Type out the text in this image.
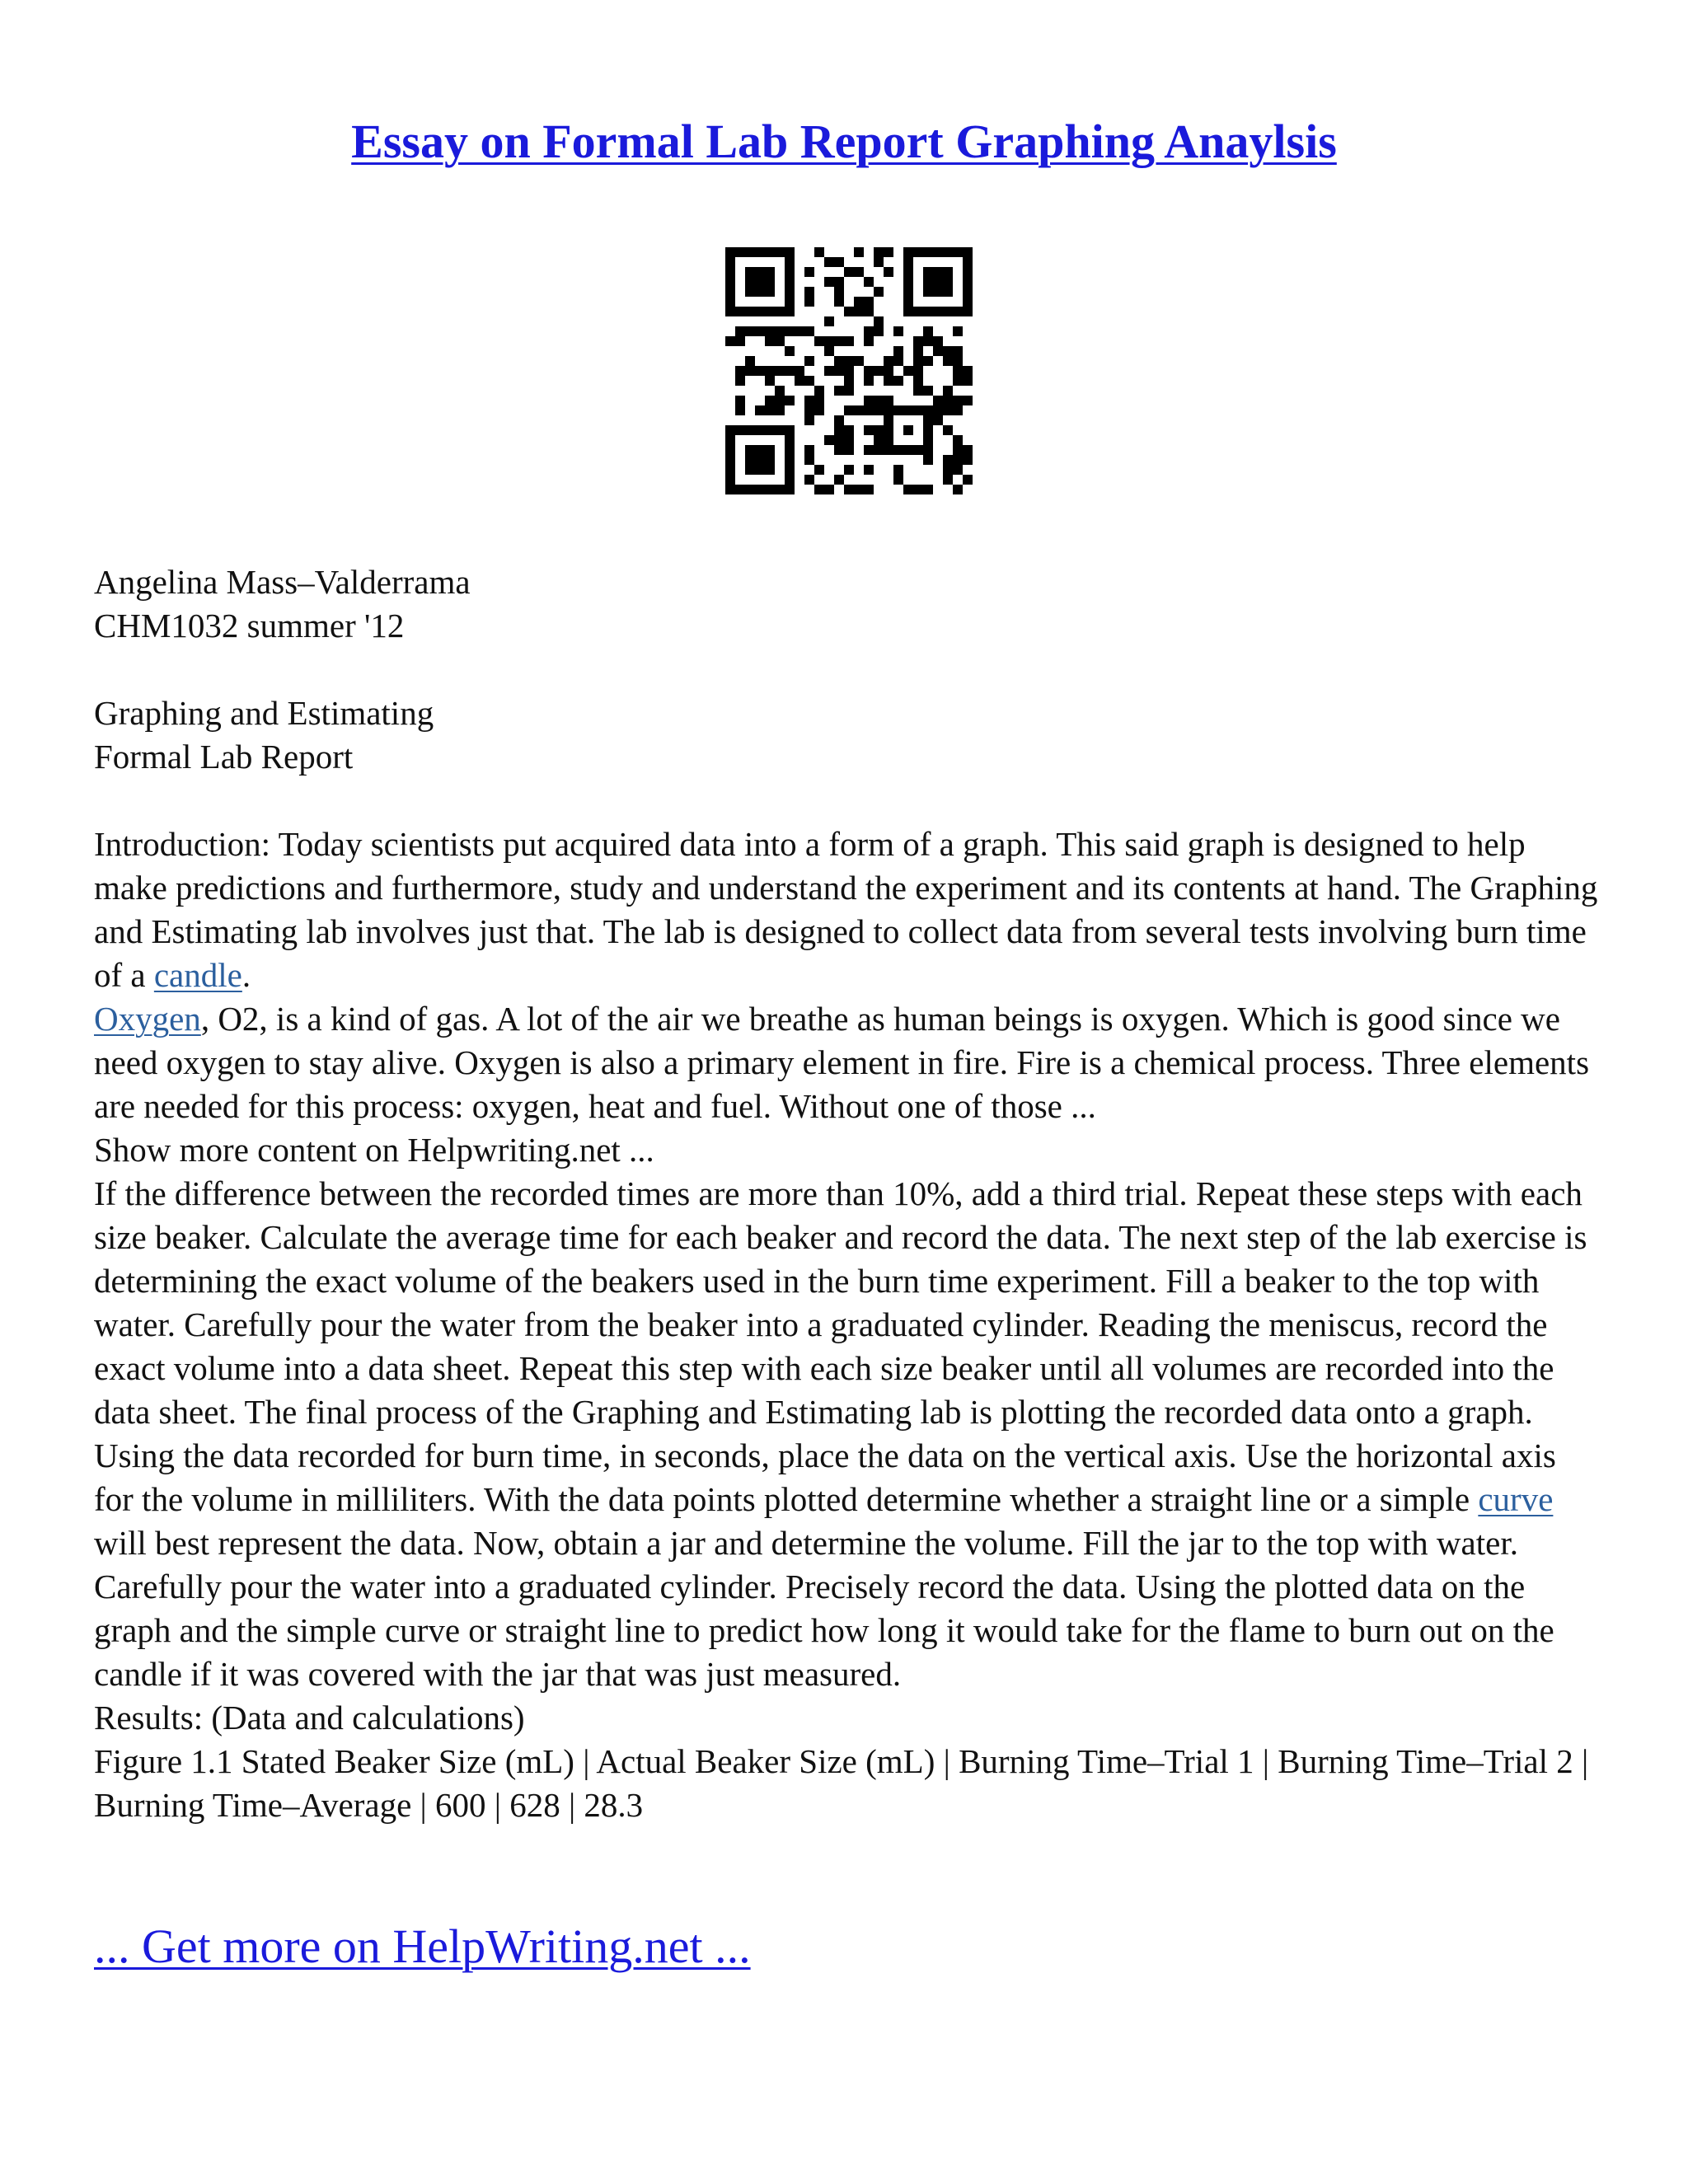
Essay on Formal Lab Report Graphing Anaylsis

Angelina Mass–Valderrama

CHM1032 summer '12

Graphing and Estimating

Formal Lab Report

Introduction: Today scientists put acquired data into a form of a graph. This said graph is designed to help make predictions and furthermore, study and understand the experiment and its contents at hand. The Graphing and Estimating lab involves just that. The lab is designed to collect data from several tests involving burn time of a candle.

Oxygen, O2, is a kind of gas. A lot of the air we breathe as human beings is oxygen. Which is good since we need oxygen to stay alive. Oxygen is also a primary element in fire. Fire is a chemical process. Three elements are needed for this process: oxygen, heat and fuel. Without one of those ...

Show more content on Helpwriting.net ...

If the difference between the recorded times are more than 10%, add a third trial. Repeat these steps with each size beaker. Calculate the average time for each beaker and record the data. The next step of the lab exercise is determining the exact volume of the beakers used in the burn time experiment. Fill a beaker to the top with water. Carefully pour the water from the beaker into a graduated cylinder. Reading the meniscus, record the exact volume into a data sheet. Repeat this step with each size beaker until all volumes are recorded into the data sheet. The final process of the Graphing and Estimating lab is plotting the recorded data onto a graph. Using the data recorded for burn time, in seconds, place the data on the vertical axis. Use the horizontal axis for the volume in milliliters. With the data points plotted determine whether a straight line or a simple curve will best represent the data. Now, obtain a jar and determine the volume. Fill the jar to the top with water. Carefully pour the water into a graduated cylinder. Precisely record the data. Using the plotted data on the graph and the simple curve or straight line to predict how long it would take for the flame to burn out on the candle if it was covered with the jar that was just measured.

Results: (Data and calculations)

Figure 1.1 Stated Beaker Size (mL) | Actual Beaker Size (mL) | Burning Time–Trial 1 | Burning Time–Trial 2 | Burning Time–Average | 600 | 628 | 28.3

... Get more on HelpWriting.net ...
